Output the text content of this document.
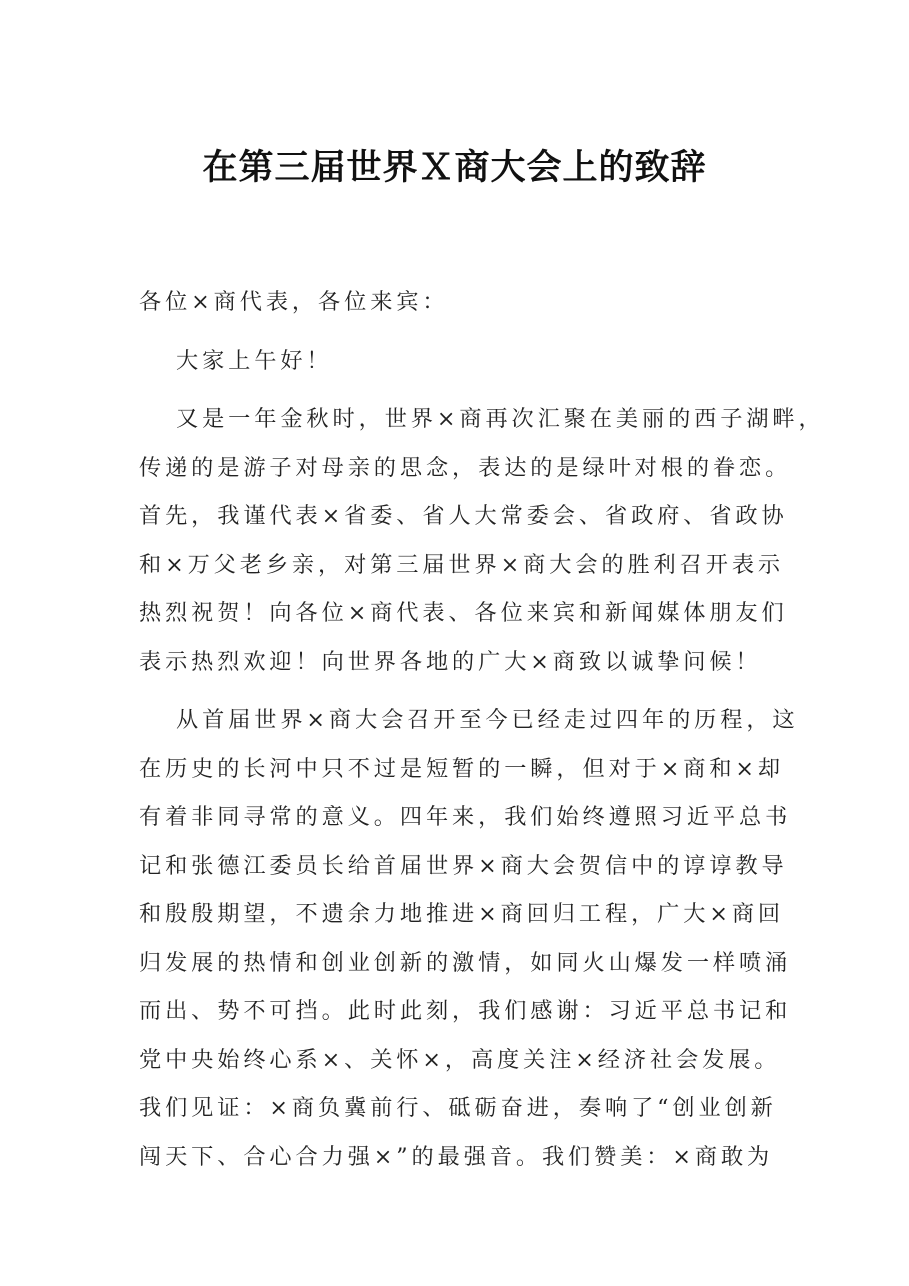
在第三届世界Ｘ商大会上的致辞

各位×商代表，各位来宾：

大家上午好！

又是一年金秋时，世界×商再次汇聚在美丽的西子湖畔，
传递的是游子对母亲的思念，表达的是绿叶对根的眷恋。
首先，我谨代表×省委、省人大常委会、省政府、省政协
和×万父老乡亲，对第三届世界×商大会的胜利召开表示
热烈祝贺！向各位×商代表、各位来宾和新闻媒体朋友们
表示热烈欢迎！向世界各地的广大×商致以诚挚问候！

从首届世界×商大会召开至今已经走过四年的历程，这
在历史的长河中只不过是短暂的一瞬，但对于×商和×却
有着非同寻常的意义。四年来，我们始终遵照习近平总书
记和张德江委员长给首届世界×商大会贺信中的谆谆教导
和殷殷期望，不遗余力地推进×商回归工程，广大×商回
归发展的热情和创业创新的激情，如同火山爆发一样喷涌
而出、势不可挡。此时此刻，我们感谢：习近平总书记和
党中央始终心系×、关怀×，高度关注×经济社会发展。
我们见证：×商负冀前行、砥砺奋进，奏响了“创业创新
闯天下、合心合力强×”的最强音。我们赞美：×商敢为
